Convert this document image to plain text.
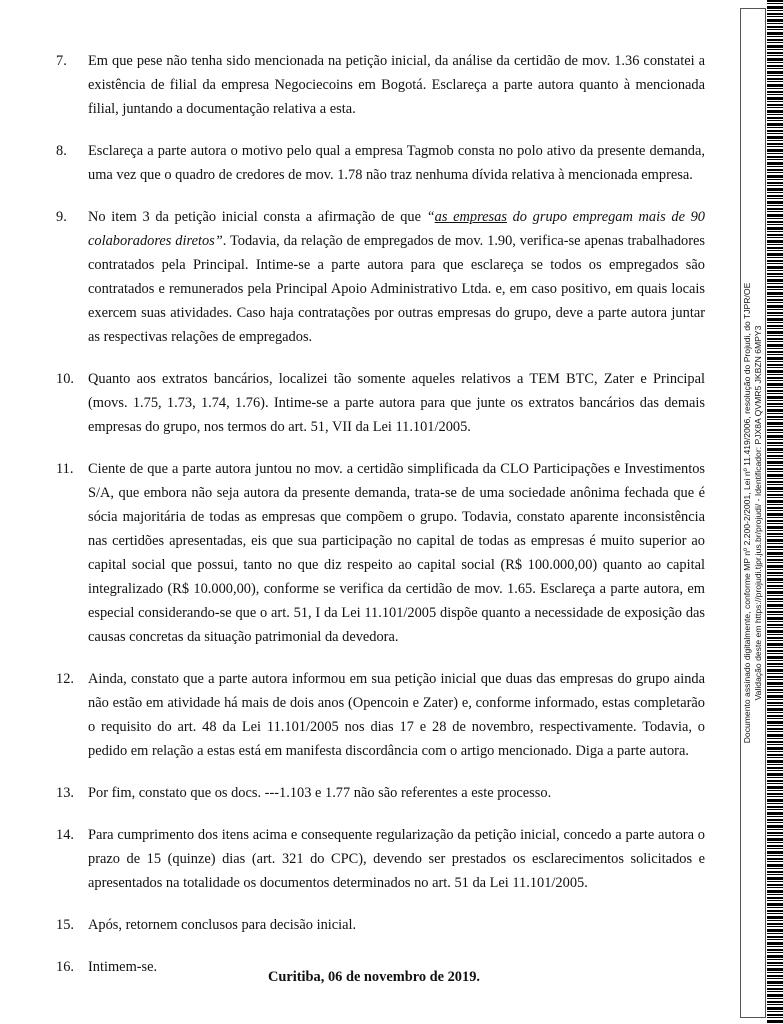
7.	Em que pese não tenha sido mencionada na petição inicial, da análise da certidão de mov. 1.36 constatei a existência de filial da empresa Negociecoins em Bogotá. Esclareça a parte autora quanto à mencionada filial, juntando a documentação relativa a esta.
8.	Esclareça a parte autora o motivo pelo qual a empresa Tagmob consta no polo ativo da presente demanda, uma vez que o quadro de credores de mov. 1.78 não traz nenhuma dívida relativa à mencionada empresa.
9.	No item 3 da petição inicial consta a afirmação de que “as empresas do grupo empregam mais de 90 colaboradores diretos”. Todavia, da relação de empregados de mov. 1.90, verifica-se apenas trabalhadores contratados pela Principal. Intime-se a parte autora para que esclareça se todos os empregados são contratados e remunerados pela Principal Apoio Administrativo Ltda. e, em caso positivo, em quais locais exercem suas atividades. Caso haja contratações por outras empresas do grupo, deve a parte autora juntar as respectivas relações de empregados.
10. Quanto aos extratos bancários, localizei tão somente aqueles relativos a TEM BTC, Zater e Principal (movs. 1.75, 1.73, 1.74, 1.76). Intime-se a parte autora para que junte os extratos bancários das demais empresas do grupo, nos termos do art. 51, VII da Lei 11.101/2005.
11.	Ciente de que a parte autora juntou no mov. a certidão simplificada da CLO Participações e Investimentos S/A, que embora não seja autora da presente demanda, trata-se de uma sociedade anônima fechada que é sócia majoritária de todas as empresas que compõem o grupo. Todavia, constato aparente inconsistência nas certidões apresentadas, eis que sua participação no capital de todas as empresas é muito superior ao capital social que possui, tanto no que diz respeito ao capital social (R$ 100.000,00) quanto ao capital integralizado (R$ 10.000,00), conforme se verifica da certidão de mov. 1.65. Esclareça a parte autora, em especial considerando-se que o art. 51, I da Lei 11.101/2005 dispõe quanto a necessidade de exposição das causas concretas da situação patrimonial da devedora.
12. Ainda, constato que a parte autora informou em sua petição inicial que duas das empresas do grupo ainda não estão em atividade há mais de dois anos (Opencoin e Zater) e, conforme informado, estas completarão o requisito do art. 48 da Lei 11.101/2005 nos dias 17 e 28 de novembro, respectivamente. Todavia, o pedido em relação a estas está em manifesta discordância com o artigo mencionado. Diga a parte autora.
13. Por fim, constato que os docs. ---1.103 e 1.77 não são referentes a este processo.
14. Para cumprimento dos itens acima e consequente regularização da petição inicial, concedo a parte autora o prazo de 15 (quinze) dias (art. 321 do CPC), devendo ser prestados os esclarecimentos solicitados e apresentados na totalidade os documentos determinados no art. 51 da Lei 11.101/2005.
15. Após, retornem conclusos para decisão inicial.
16. Intimem-se.
Curitiba, 06 de novembro de 2019.
Documento assinado digitalmente, conforme MP nº 2.200-2/2001, Lei nº 11.419/2006, resolução do Projudi, do TJPR/OE Validação deste em https://projudi.tjpr.jus.br/projudi/ - Identificador: PJX8A QVMR5 JKBZN 6MPY3
